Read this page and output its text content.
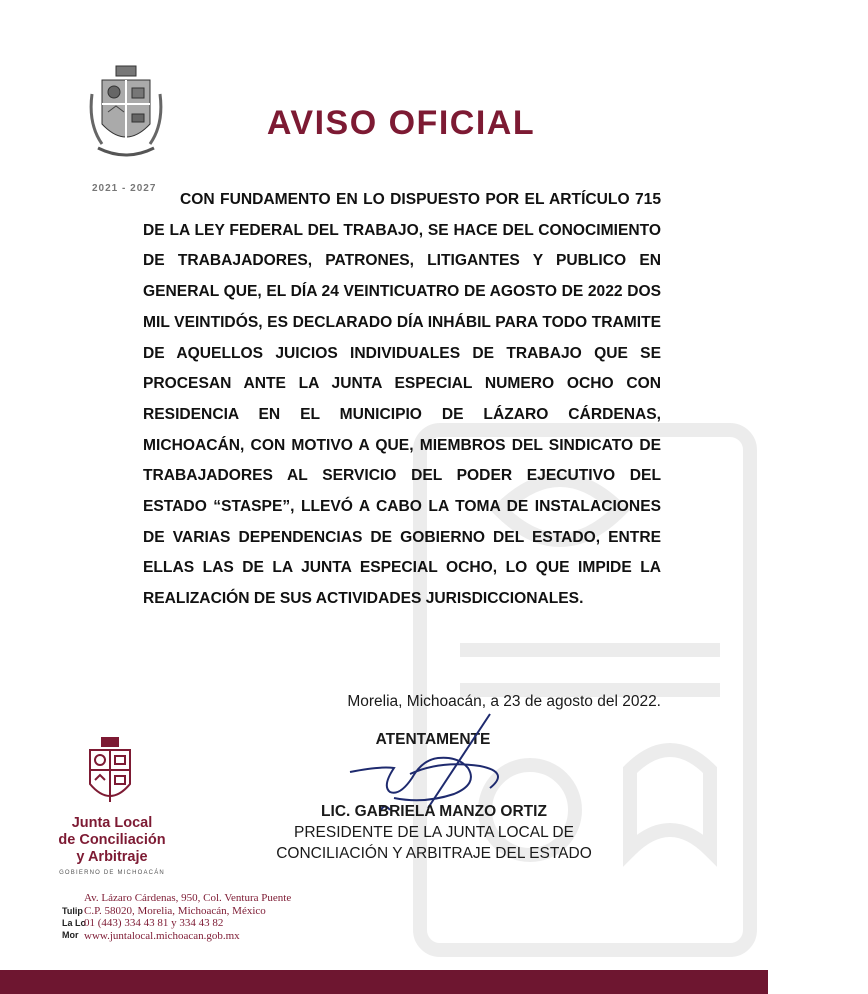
2021 - 2027
AVISO OFICIAL

CON FUNDAMENTO EN LO DISPUESTO POR EL ARTÍCULO 715 DE LA LEY FEDERAL DEL TRABAJO, SE HACE DEL CONOCIMIENTO DE TRABAJADORES, PATRONES, LITIGANTES Y PUBLICO EN GENERAL QUE, EL DÍA 24 VEINTICUATRO DE AGOSTO DE 2022 DOS MIL VEINTIDÓS, ES DECLARADO DÍA INHÁBIL PARA TODO TRAMITE DE AQUELLOS JUICIOS INDIVIDUALES DE TRABAJO QUE SE PROCESAN ANTE LA JUNTA ESPECIAL NUMERO OCHO CON RESIDENCIA EN EL MUNICIPIO DE LÁZARO CÁRDENAS, MICHOACÁN, CON MOTIVO A QUE, MIEMBROS DEL SINDICATO DE TRABAJADORES AL SERVICIO DEL PODER EJECUTIVO DEL ESTADO “STASPE”, LLEVÓ A CABO LA TOMA DE INSTALACIONES DE VARIAS DEPENDENCIAS DE GOBIERNO DEL ESTADO, ENTRE ELLAS LAS DE LA JUNTA ESPECIAL OCHO, LO QUE IMPIDE LA REALIZACIÓN DE SUS ACTIVIDADES JURISDICCIONALES.

Morelia, Michoacán, a 23 de agosto del 2022.
ATENTAMENTE
LIC. GABRIELA MANZO ORTIZ
PRESIDENTE DE LA JUNTA LOCAL DE
CONCILIACIÓN Y ARBITRAJE DEL ESTADO
Junta Local
de Conciliación
y Arbitraje
GOBIERNO DE MICHOACÁN
Tulip
La Lo
Mor
Av. Lázaro Cárdenas, 950, Col. Ventura Puente
C.P. 58020, Morelia, Michoacán, México
01 (443) 334 43 81 y 334 43 82
www.juntalocal.michoacan.gob.mx
